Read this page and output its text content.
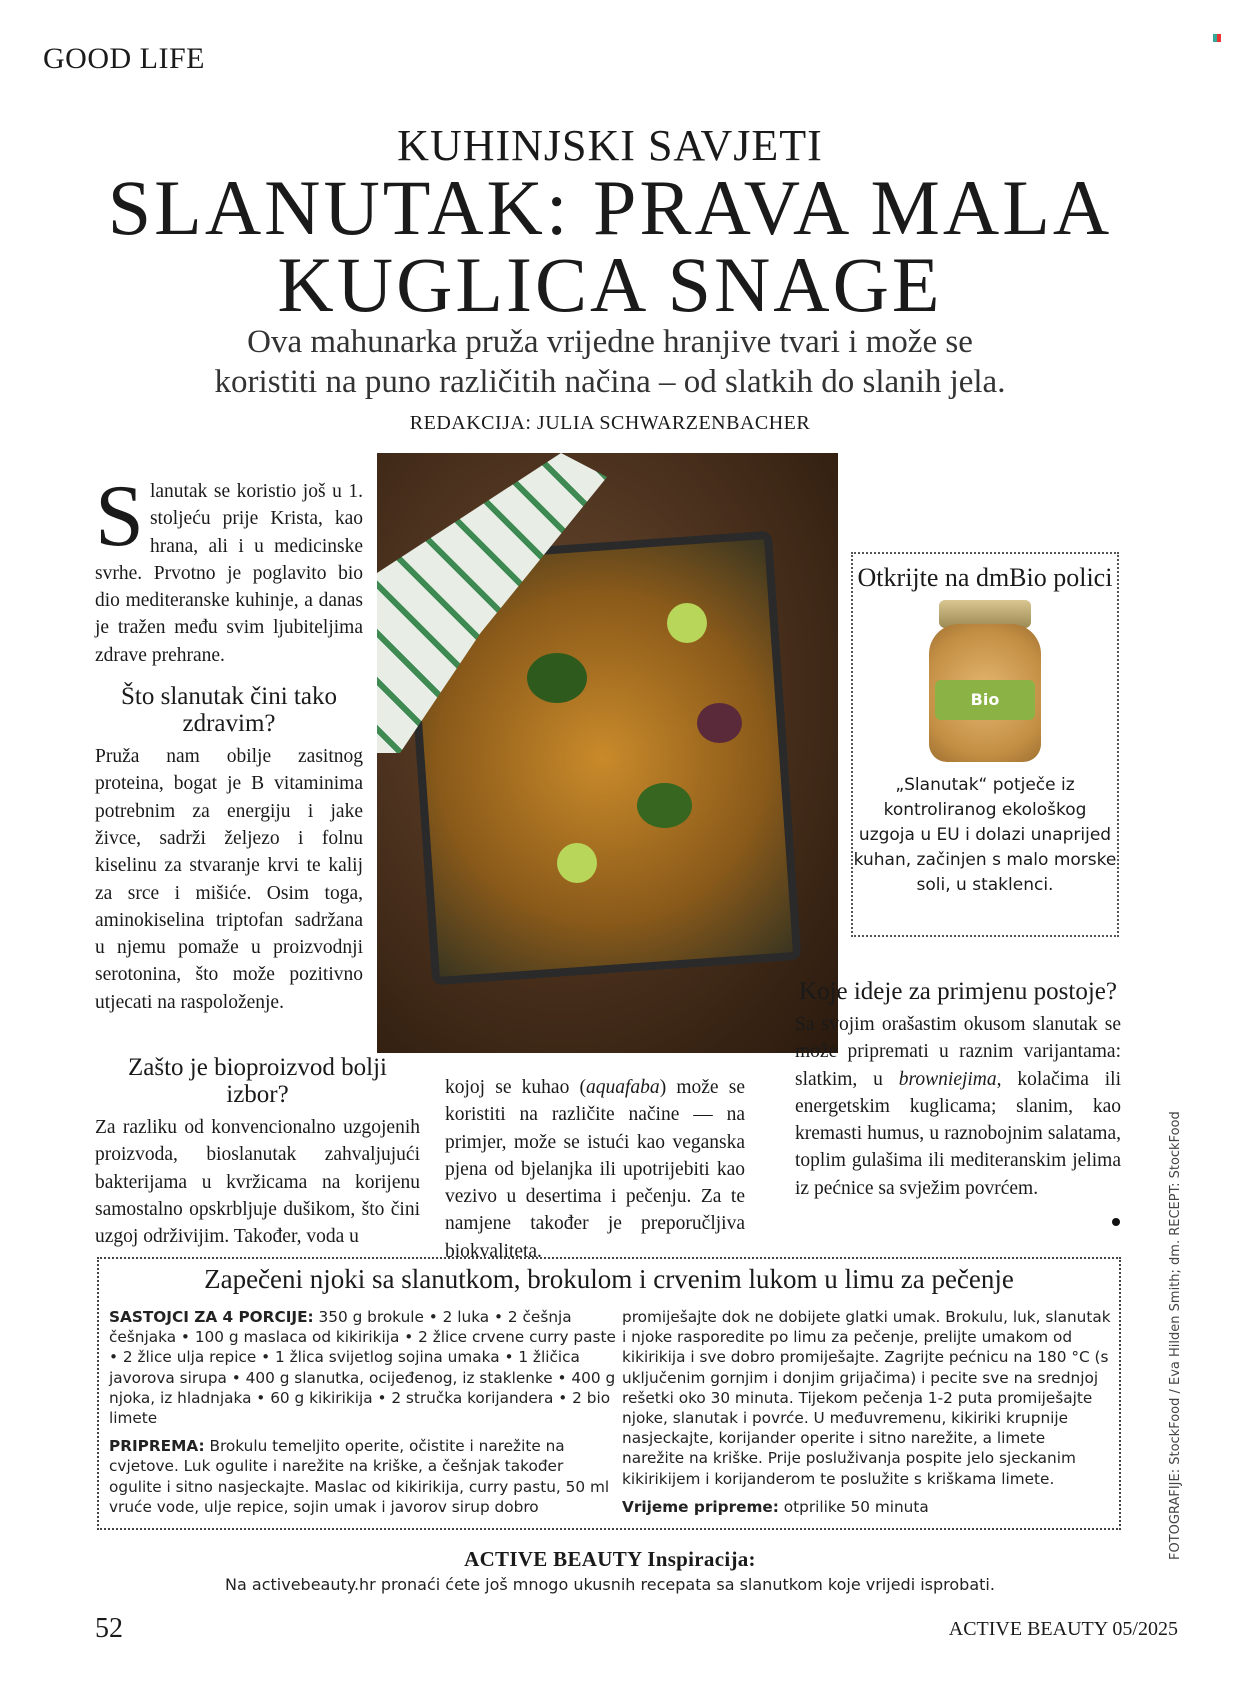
GOOD LIFE
KUHINJSKI SAVJETI
SLANUTAK: PRAVA MALA
KUGLICA SNAGE
Ova mahunarka pruža vrijedne hranjive tvari i može se
koristiti na puno različitih načina – od slatkih do slanih jela.
REDAKCIJA: JULIA SCHWARZENBACHER
S lanutak se koristio još u 1. stoljeću prije Krista, kao hrana, ali i u medicinske svrhe. Prvotno je poglavito bio dio mediteranske kuhinje, a danas je tražen među svim ljubiteljima zdrave prehrane.
Što slanutak čini tako zdravim?
Pruža nam obilje zasitnog proteina, bogat je B vitaminima potrebnim za energiju i jake živce, sadrži željezo i folnu kiselinu za stvaranje krvi te kalij za srce i mišiće. Osim toga, aminokiselina triptofan sadržana u njemu pomaže u proizvodnji serotonina, što može pozitivno utjecati na raspoloženje.
Otkrijte na dmBio polici
Bio
„Slanutak“ potječe iz kontroliranog ekološkog uzgoja u EU i dolazi unaprijed kuhan, začinjen s malo morske soli, u staklenci.
Koje ideje za primjenu postoje?
Sa svojim orašastim okusom slanutak se može pripremati u raznim varijantama: slatkim, u browniejima, kolačima ili energetskim kuglicama; slanim, kao kremasti humus, u raznobojnim salatama, toplim gulašima ili mediteranskim jelima iz pećnice sa svježim povrćem.
Zašto je bioproizvod bolji izbor?
Za razliku od konvencionalno uzgojenih proizvoda, bioslanutak zahvaljujući bakterijama u kvržicama na korijenu samostalno opskrbljuje dušikom, što čini uzgoj održivijim. Također, voda u
kojoj se kuhao (aquafaba) može se koristiti na različite načine — na primjer, može se istući kao veganska pjena od bjelanjka ili upotrijebiti kao vezivo u desertima i pečenju. Za te namjene također je preporučljiva biokvaliteta.
Zapečeni njoki sa slanutkom, brokulom i crvenim lukom u limu za pečenje

SASTOJCI ZA 4 PORCIJE: 350 g brokule • 2 luka • 2 češnja češnjaka • 100 g maslaca od kikirikija • 2 žlice crvene curry paste • 2 žlice ulja repice • 1 žlica svijetlog sojina umaka • 1 žličica javorova sirupa • 400 g slanutka, ocijeđenog, iz staklenke • 400 g njoka, iz hladnjaka • 60 g kikirikija • 2 stručka korijandera • 2 bio limete

PRIPREMA: Brokulu temeljito operite, očistite i narežite na cvjetove. Luk ogulite i narežite na kriške, a češnjak također ogulite i sitno nasjeckajte. Maslac od kikirikija, curry pastu, 50 ml vruće vode, ulje repice, sojin umak i javorov sirup dobro

promiješajte dok ne dobijete glatki umak. Brokulu, luk, slanutak i njoke rasporedite po limu za pečenje, prelijte umakom od kikirikija i sve dobro promiješajte. Zagrijte pećnicu na 180 °C (s uključenim gornjim i donjim grijačima) i pecite sve na srednjoj rešetki oko 30 minuta. Tijekom pečenja 1-2 puta promiješajte njoke, slanutak i povrće. U međuvremenu, kikiriki krupnije nasjeckajte, korijander operite i sitno narežite, a limete narežite na kriške. Prije posluživanja pospite jelo sjeckanim kikirikijem i korijanderom te poslužite s kriškama limete.

Vrijeme pripreme: otprilike 50 minuta

ACTIVE BEAUTY Inspiracija:
Na activebeauty.hr pronaći ćete još mnogo ukusnih recepata sa slanutkom koje vrijedi isprobati.
52	ACTIVE BEAUTY 05/2025
FOTOGRAFIJE: StockFood / Eva Hilden Smith; dm. RECEPT: StockFood
